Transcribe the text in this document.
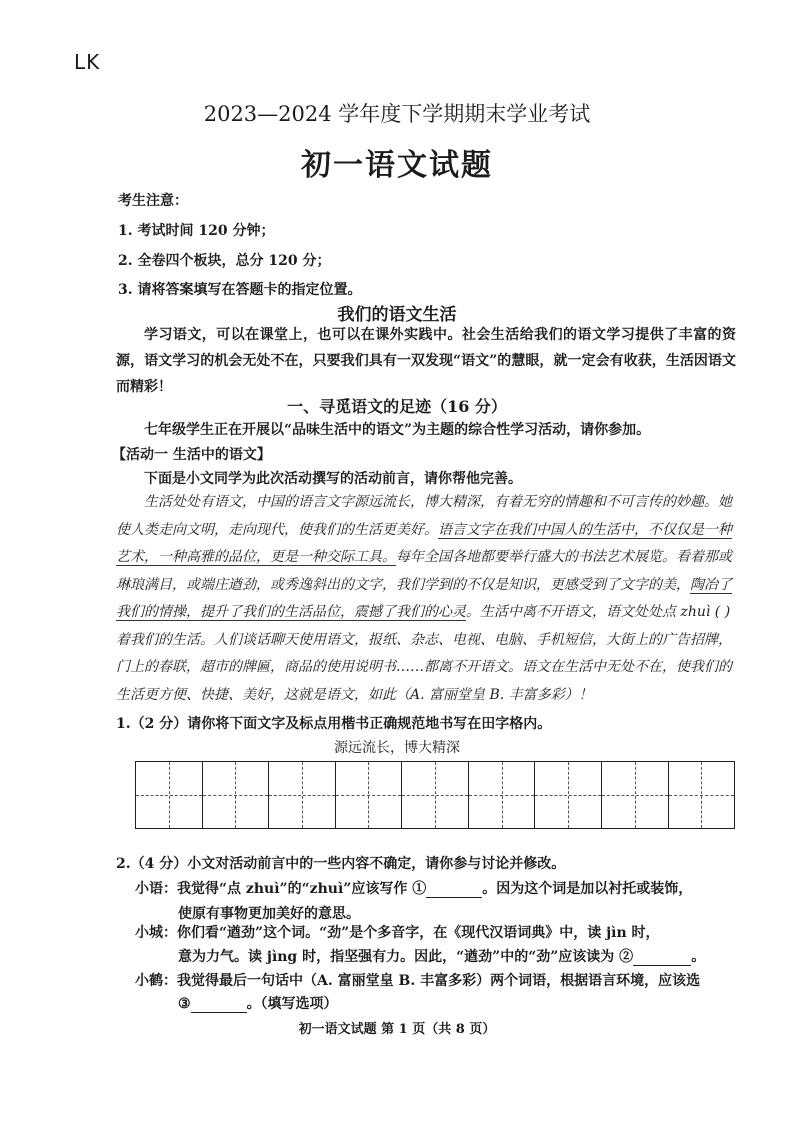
LK
2023—2024 学年度下学期期末学业考试
初一语文试题
考生注意：
1. 考试时间 120 分钟；
2. 全卷四个板块，总分 120 分；
3. 请将答案填写在答题卡的指定位置。
我们的语文生活
学习语文，可以在课堂上，也可以在课外实践中。社会生活给我们的语文学习提供了丰富的资源，语文学习的机会无处不在，只要我们具有一双发现“语文”的慧眼，就一定会有收获，生活因语文而精彩！
一、寻觅语文的足迹（16 分）
七年级学生正在开展以“品味生活中的语文”为主题的综合性学习活动，请你参加。
【活动一 生活中的语文】
下面是小文同学为此次活动撰写的活动前言，请你帮他完善。
生活处处有语文，中国的语言文字源远流长，博大精深，有着无穷的情趣和不可言传的妙趣。她使人类走向文明，走向现代，使我们的生活更美好。语言文字在我们中国人的生活中，不仅仅是一种艺术，一种高雅的品位，更是一种交际工具。每年全国各地都要举行盛大的书法艺术展览。看着那或琳琅满目，或端庄遒劲，或秀逸斜出的文字，我们学到的不仅是知识，更感受到了文字的美，陶冶了我们的情操，提升了我们的生活品位，震撼了我们的心灵。生活中离不开语文，语文处处点 zhuì ( ) 着我们的生活。人们谈话聊天使用语文，报纸、杂志、电视、电脑、手机短信，大街上的广告招牌，门上的春联，超市的牌匾，商品的使用说明书……都离不开语文。语文在生活中无处不在，使我们的生活更方便、快捷、美好，这就是语文，如此（A. 富丽堂皇 B. 丰富多彩）！
1.（2 分）请你将下面文字及标点用楷书正确规范地书写在田字格内。
源远流长，博大精深
2.（4 分）小文对活动前言中的一些内容不确定，请你参与讨论并修改。
小语：我觉得“点 zhuì”的“zhuì”应该写作 ①	。因为这个词是加以衬托或装饰，
使原有事物更加美好的意思。
小城：你们看“遒劲”这个词。“劲”是个多音字，在《现代汉语词典》中，读 jìn 时，
意为力气。读 jìng 时，指坚强有力。因此，“遒劲”中的“劲”应该读为 ②	。
小鹤：我觉得最后一句话中（A. 富丽堂皇 B. 丰富多彩）两个词语，根据语言环境，应该选
③	。（填写选项）
初一语文试题 第 1 页（共 8 页）
